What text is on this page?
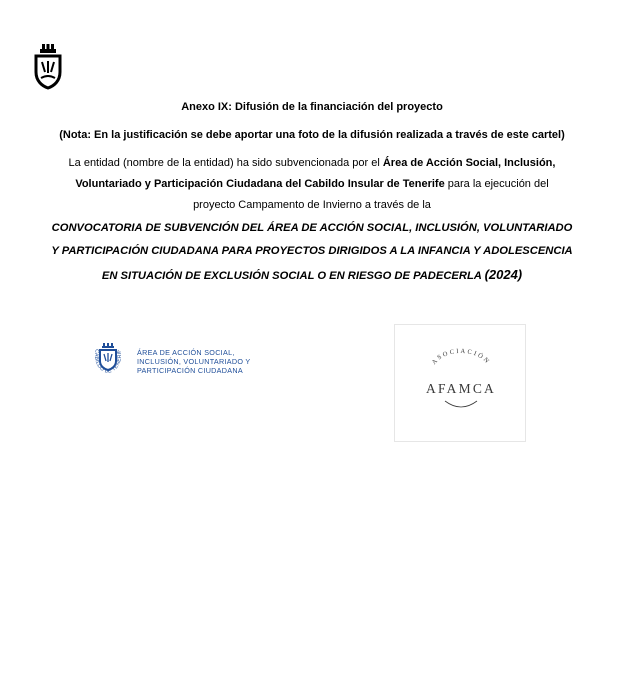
Anexo IX: Difusión de la financiación del proyecto
(Nota: En la justificación se debe aportar una foto de la difusión realizada a través de este cartel)
La entidad (nombre de la entidad) ha sido subvencionada por el Área de Acción Social, Inclusión,
Voluntariado y Participación Ciudadana del Cabildo Insular de Tenerife para la ejecución del
proyecto Campamento de Invierno a través de la
CONVOCATORIA DE SUBVENCIÓN DEL ÁREA DE ACCIÓN SOCIAL, INCLUSIÓN, VOLUNTARIADO
Y PARTICIPACIÓN CIUDADANA PARA PROYECTOS DIRIGIDOS A LA INFANCIA Y ADOLESCENCIA
EN SITUACIÓN DE EXCLUSIÓN SOCIAL O EN RIESGO DE PADECERLA (2024)
CABILDO DE TENERIF ÁREA DE ACCIÓN SOCIAL,
INCLUSIÓN, VOLUNTARIADO Y
PARTICIPACIÓN CIUDADANA
ASOCIACIÓN
AFAMCA
